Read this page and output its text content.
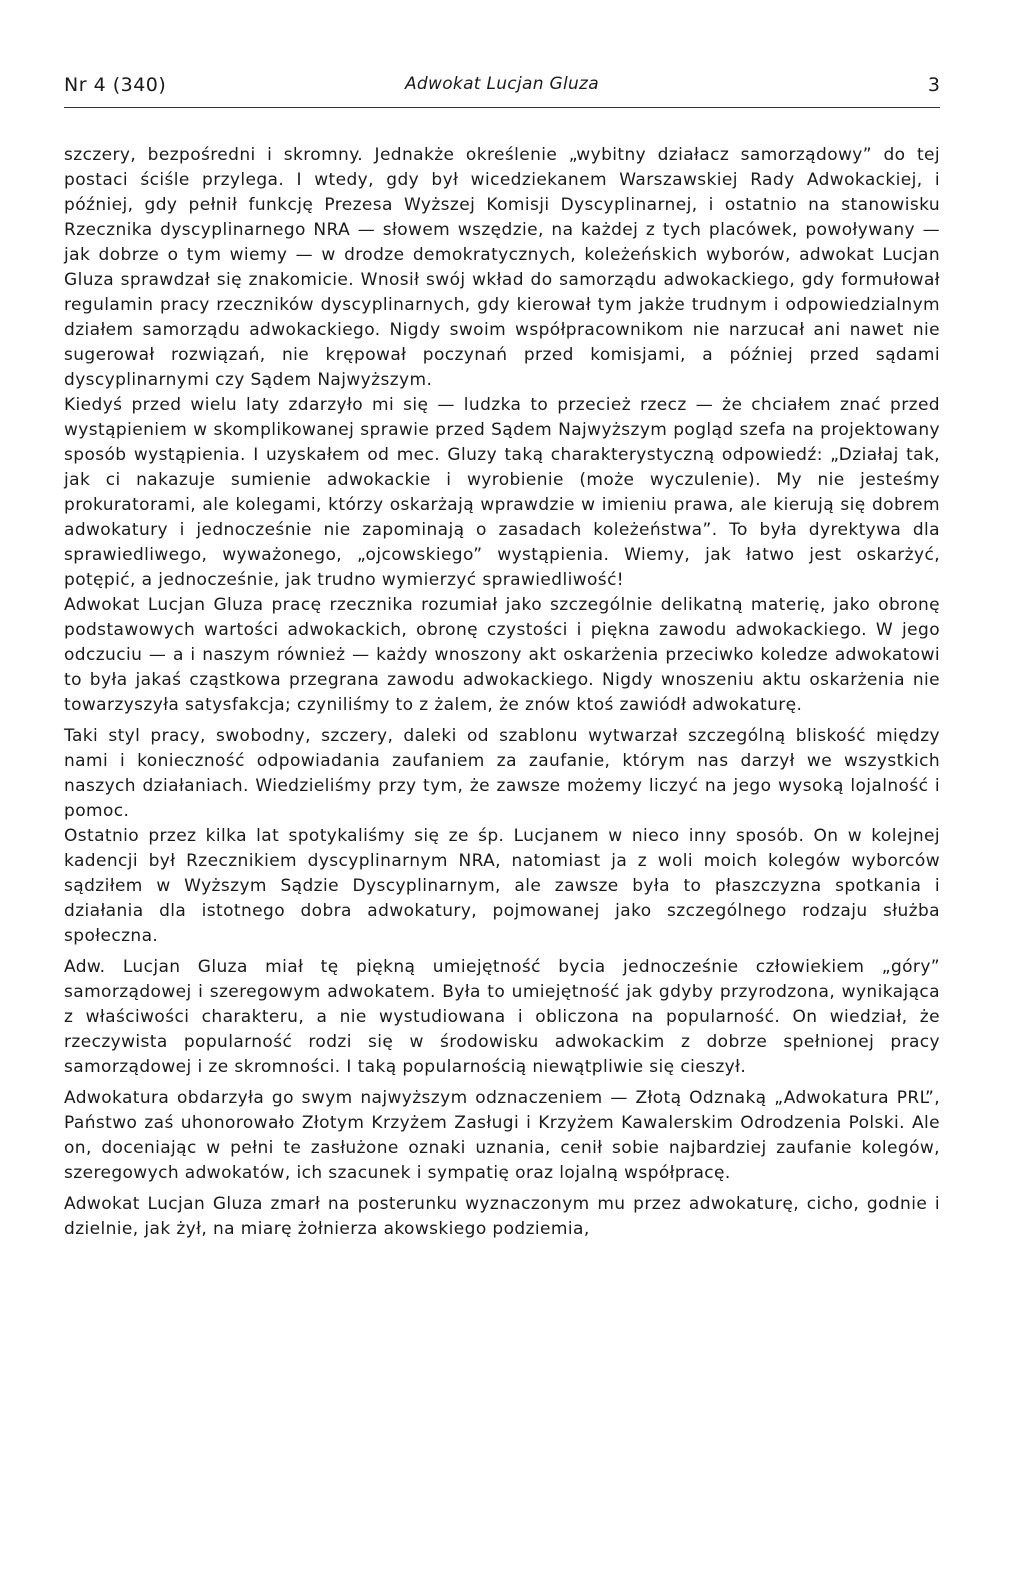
Nr 4 (340)	Adwokat Lucjan Gluza	3

szczery, bezpośredni i skromny. Jednakże określenie „wybitny działacz samorządowy” do tej postaci ściśle przylega. I wtedy, gdy był wicedziekanem Warszawskiej Rady Adwokackiej, i później, gdy pełnił funkcję Prezesa Wyższej Komisji Dyscyplinarnej, i ostatnio na stanowisku Rzecznika dyscyplinarnego NRA — słowem wszędzie, na każdej z tych placówek, powoływany — jak dobrze o tym wiemy — w drodze demokratycznych, koleżeńskich wyborów, adwokat Lucjan Gluza sprawdzał się znakomicie. Wnosił swój wkład do samorządu adwokackiego, gdy formułował regulamin pracy rzeczników dyscyplinarnych, gdy kierował tym jakże trudnym i odpowiedzialnym działem samorządu adwokackiego. Nigdy swoim współpracownikom nie narzucał ani nawet nie sugerował rozwiązań, nie krępował poczynań przed komisjami, a później przed sądami dyscyplinarnymi czy Sądem Najwyższym.

Kiedyś przed wielu laty zdarzyło mi się — ludzka to przecież rzecz — że chciałem znać przed wystąpieniem w skomplikowanej sprawie przed Sądem Najwyższym pogląd szefa na projektowany sposób wystąpienia. I uzyskałem od mec. Gluzy taką charakterystyczną odpowiedź: „Działaj tak, jak ci nakazuje sumienie adwokackie i wyrobienie (może wyczulenie). My nie jesteśmy prokuratorami, ale kolegami, którzy oskarżają wprawdzie w imieniu prawa, ale kierują się dobrem adwokatury i jednocześnie nie zapominają o zasadach koleżeństwa”. To była dyrektywa dla sprawiedliwego, wyważonego, „ojcowskiego” wystąpienia. Wiemy, jak łatwo jest oskarżyć, potępić, a jednocześnie, jak trudno wymierzyć sprawiedliwość!

Adwokat Lucjan Gluza pracę rzecznika rozumiał jako szczególnie delikatną materię, jako obronę podstawowych wartości adwokackich, obronę czystości i piękna zawodu adwokackiego. W jego odczuciu — a i naszym również — każdy wnoszony akt oskarżenia przeciwko koledze adwokatowi to była jakaś cząstkowa przegrana zawodu adwokackiego. Nigdy wnoszeniu aktu oskarżenia nie towarzyszyła satysfakcja; czyniliśmy to z żalem, że znów ktoś zawiódł adwokaturę.

Taki styl pracy, swobodny, szczery, daleki od szablonu wytwarzał szczególną bliskość między nami i konieczność odpowiadania zaufaniem za zaufanie, którym nas darzył we wszystkich naszych działaniach. Wiedzieliśmy przy tym, że zawsze możemy liczyć na jego wysoką lojalność i pomoc.

Ostatnio przez kilka lat spotykaliśmy się ze śp. Lucjanem w nieco inny sposób. On w kolejnej kadencji był Rzecznikiem dyscyplinarnym NRA, natomiast ja z woli moich kolegów wyborców sądziłem w Wyższym Sądzie Dyscyplinarnym, ale zawsze była to płaszczyzna spotkania i działania dla istotnego dobra adwokatury, pojmowanej jako szczególnego rodzaju służba społeczna.

Adw. Lucjan Gluza miał tę piękną umiejętność bycia jednocześnie człowiekiem „góry” samorządowej i szeregowym adwokatem. Była to umiejętność jak gdyby przyrodzona, wynikająca z właściwości charakteru, a nie wystudiowana i obliczona na popularność. On wiedział, że rzeczywista popularność rodzi się w środowisku adwokackim z dobrze spełnionej pracy samorządowej i ze skromności. I taką popularnością niewątpliwie się cieszył.

Adwokatura obdarzyła go swym najwyższym odznaczeniem — Złotą Odznaką „Adwokatura PRL”, Państwo zaś uhonorowało Złotym Krzyżem Zasługi i Krzyżem Kawalerskim Odrodzenia Polski. Ale on, doceniając w pełni te zasłużone oznaki uznania, cenił sobie najbardziej zaufanie kolegów, szeregowych adwokatów, ich szacunek i sympatię oraz lojalną współpracę.

Adwokat Lucjan Gluza zmarł na posterunku wyznaczonym mu przez adwokaturę, cicho, godnie i dzielnie, jak żył, na miarę żołnierza akowskiego podziemia,
